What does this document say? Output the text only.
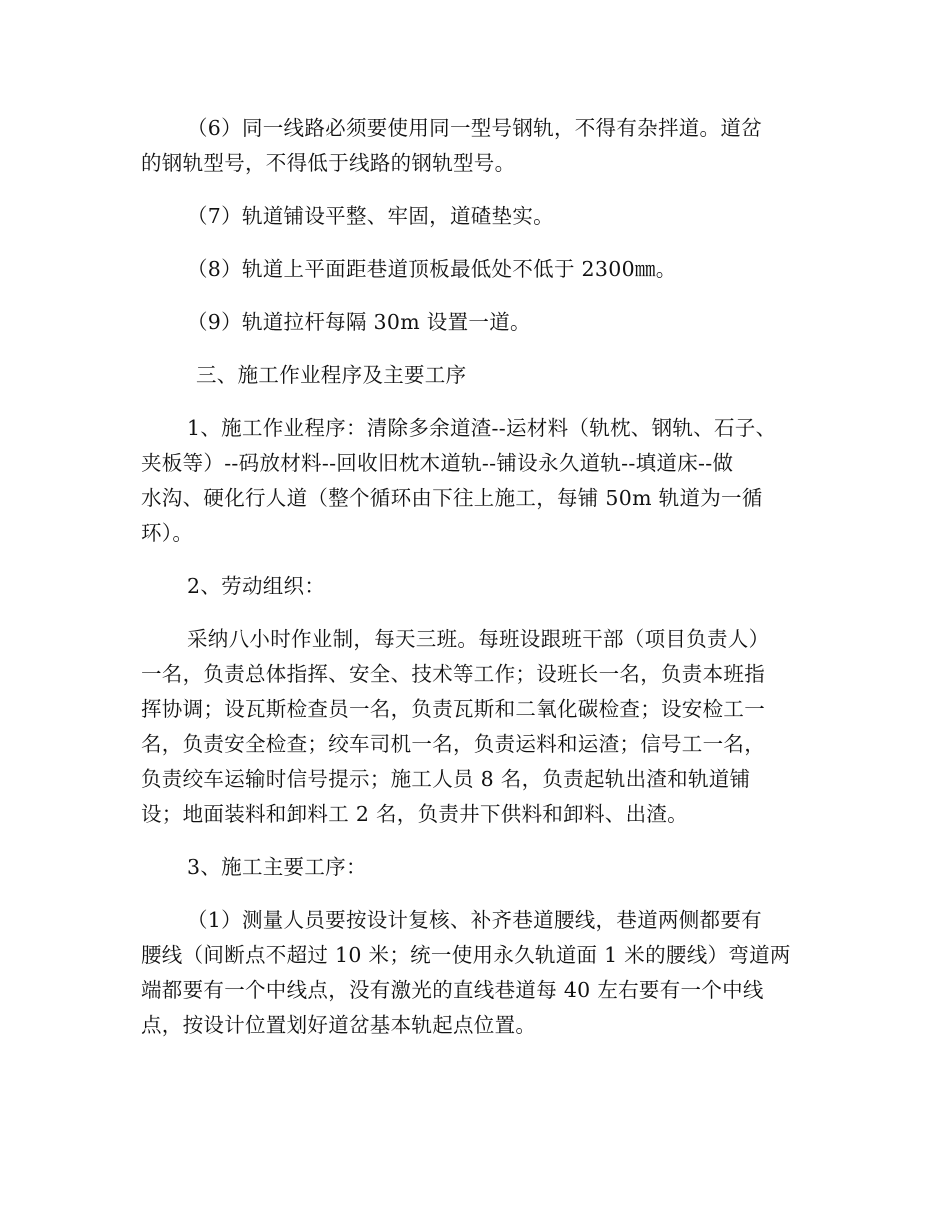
（6）同一线路必须要使用同一型号钢轨，不得有杂拌道。道岔
的钢轨型号，不得低于线路的钢轨型号。
（7）轨道铺设平整、牢固，道碴垫实。
（8）轨道上平面距巷道顶板最低处不低于 2300㎜。
（9）轨道拉杆每隔 30m 设置一道。
三、施工作业程序及主要工序
1、施工作业程序：清除多余道渣--运材料（轨枕、钢轨、石子、
夹板等）--码放材料--回收旧枕木道轨--铺设永久道轨--填道床--做
水沟、硬化行人道（整个循环由下往上施工，每铺 50m 轨道为一循
环）。
2、劳动组织：
采纳八小时作业制，每天三班。每班设跟班干部（项目负责人）
一名，负责总体指挥、安全、技术等工作；设班长一名，负责本班指
挥协调；设瓦斯检查员一名，负责瓦斯和二氧化碳检查；设安检工一
名，负责安全检查；绞车司机一名，负责运料和运渣；信号工一名，
负责绞车运输时信号提示；施工人员 8 名，负责起轨出渣和轨道铺
设；地面装料和卸料工 2 名，负责井下供料和卸料、出渣。
3、施工主要工序：
（1）测量人员要按设计复核、补齐巷道腰线，巷道两侧都要有
腰线（间断点不超过 10 米；统一使用永久轨道面 1 米的腰线）弯道两
端都要有一个中线点，没有激光的直线巷道每 40 左右要有一个中线
点，按设计位置划好道岔基本轨起点位置。
